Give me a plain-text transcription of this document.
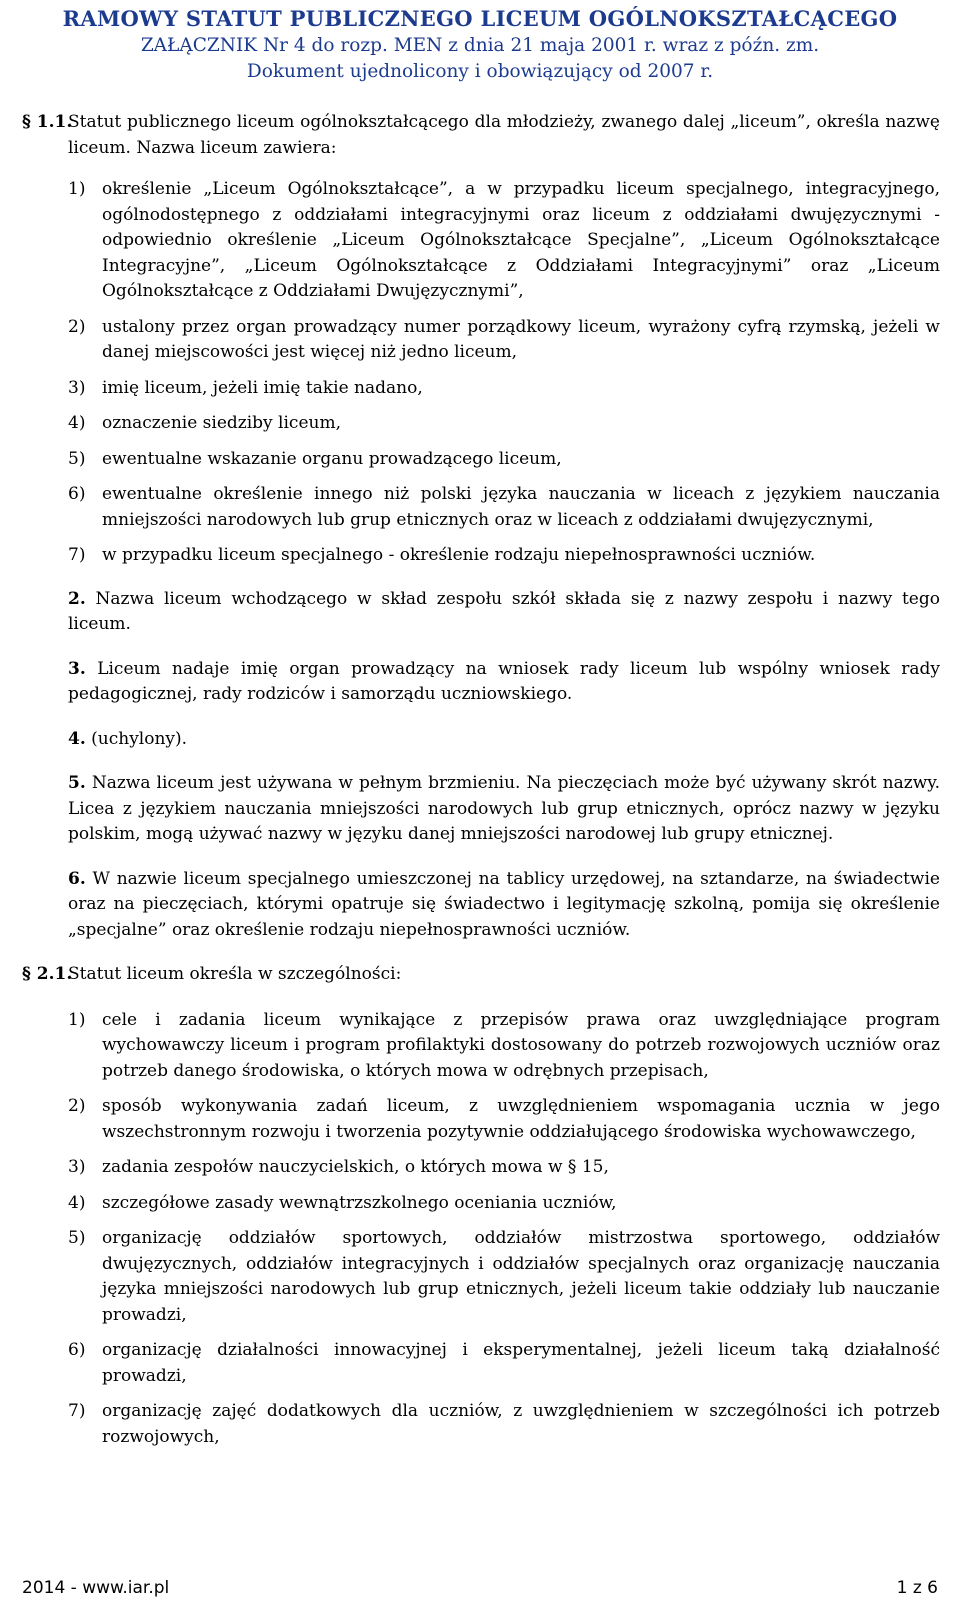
RAMOWY STATUT PUBLICZNEGO LICEUM OGÓLNOKSZTAŁCĄCEGO
ZAŁĄCZNIK Nr 4 do rozp. MEN z dnia 21 maja 2001 r. wraz z późn. zm.
Dokument ujednolicony i obowiązujący od 2007 r.
§ 1.1.
Statut publicznego liceum ogólnokształcącego dla młodzieży, zwanego dalej „liceum”, określa nazwę liceum. Nazwa liceum zawiera:
1) określenie „Liceum Ogólnokształcące”, a w przypadku liceum specjalnego, integracyjnego, ogólnodostępnego z oddziałami integracyjnymi oraz liceum z oddziałami dwujęzycznymi - odpowiednio określenie „Liceum Ogólnokształcące Specjalne”, „Liceum Ogólnokształcące Integracyjne”, „Liceum Ogólnokształcące z Oddziałami Integracyjnymi” oraz „Liceum Ogólnokształcące z Oddziałami Dwujęzycznymi”,
2) ustalony przez organ prowadzący numer porządkowy liceum, wyrażony cyfrą rzymską, jeżeli w danej miejscowości jest więcej niż jedno liceum,
3) imię liceum, jeżeli imię takie nadano,
4) oznaczenie siedziby liceum,
5) ewentualne wskazanie organu prowadzącego liceum,
6) ewentualne określenie innego niż polski języka nauczania w liceach z językiem nauczania mniejszości narodowych lub grup etnicznych oraz w liceach z oddziałami dwujęzycznymi,
7) w przypadku liceum specjalnego - określenie rodzaju niepełnosprawności uczniów.
2. Nazwa liceum wchodzącego w skład zespołu szkół składa się z nazwy zespołu i nazwy tego liceum.
3. Liceum nadaje imię organ prowadzący na wniosek rady liceum lub wspólny wniosek rady pedagogicznej, rady rodziców i samorządu uczniowskiego.
4. (uchylony).
5. Nazwa liceum jest używana w pełnym brzmieniu. Na pieczęciach może być używany skrót nazwy. Licea z językiem nauczania mniejszości narodowych lub grup etnicznych, oprócz nazwy w języku polskim, mogą używać nazwy w języku danej mniejszości narodowej lub grupy etnicznej.
6. W nazwie liceum specjalnego umieszczonej na tablicy urzędowej, na sztandarze, na świadectwie oraz na pieczęciach, którymi opatruje się świadectwo i legitymację szkolną, pomija się określenie „specjalne” oraz określenie rodzaju niepełnosprawności uczniów.
§ 2.1.
Statut liceum określa w szczególności:
1) cele i zadania liceum wynikające z przepisów prawa oraz uwzględniające program wychowawczy liceum i program profilaktyki dostosowany do potrzeb rozwojowych uczniów oraz potrzeb danego środowiska, o których mowa w odrębnych przepisach,
2) sposób wykonywania zadań liceum, z uwzględnieniem wspomagania ucznia w jego wszechstronnym rozwoju i tworzenia pozytywnie oddziałującego środowiska wychowawczego,
3) zadania zespołów nauczycielskich, o których mowa w § 15,
4) szczegółowe zasady wewnątrzszkolnego oceniania uczniów,
5) organizację oddziałów sportowych, oddziałów mistrzostwa sportowego, oddziałów dwujęzycznych, oddziałów integracyjnych i oddziałów specjalnych oraz organizację nauczania języka mniejszości narodowych lub grup etnicznych, jeżeli liceum takie oddziały lub nauczanie prowadzi,
6) organizację działalności innowacyjnej i eksperymentalnej, jeżeli liceum taką działalność prowadzi,
7) organizację zajęć dodatkowych dla uczniów, z uwzględnieniem w szczególności ich potrzeb rozwojowych,
2014 - www.iar.pl	1 z 6
